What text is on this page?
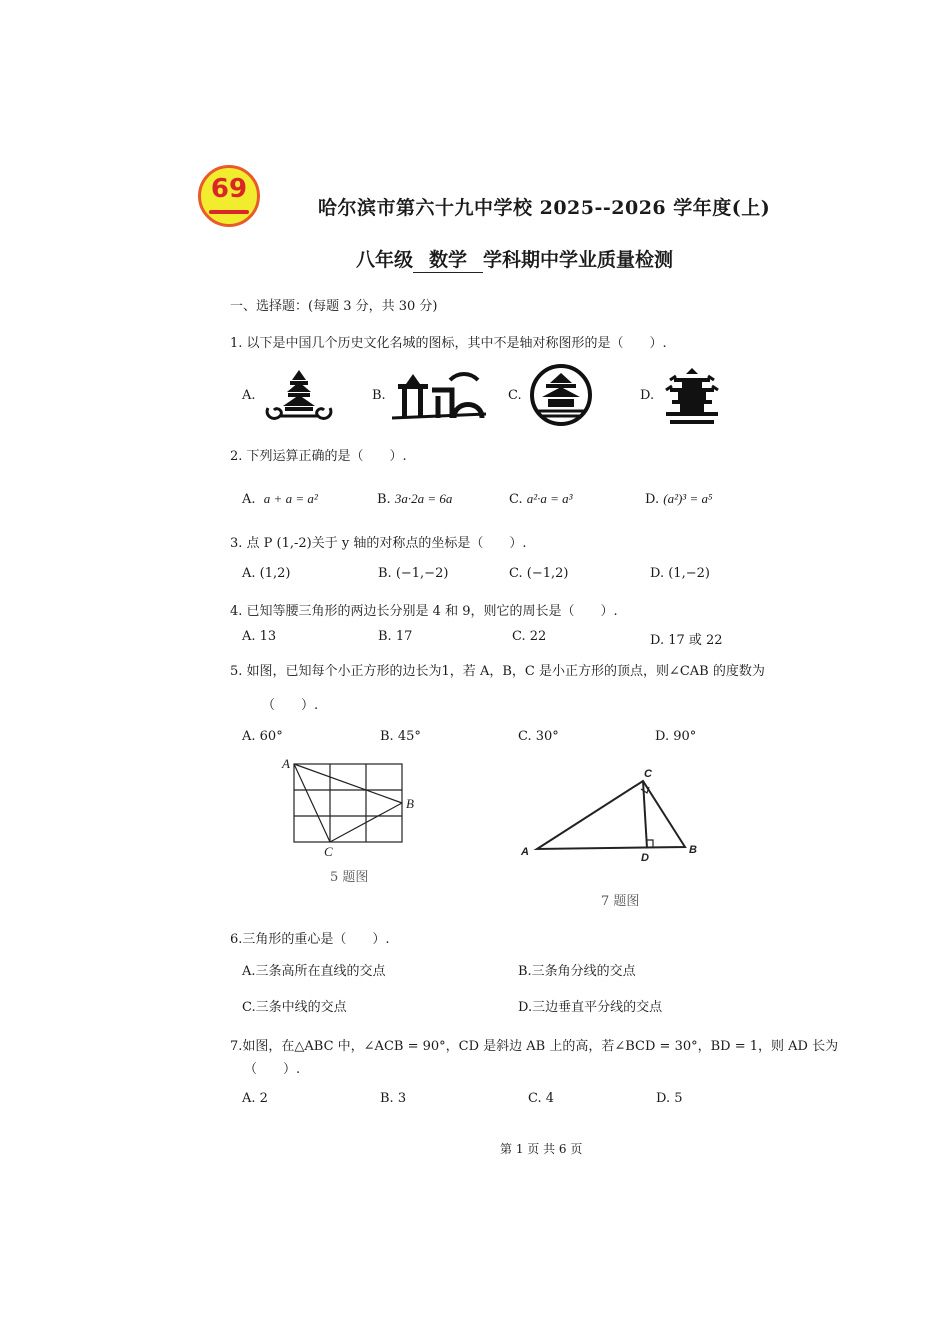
69
哈尔滨市第六十九中学校 2025--2026 学年度(上)
八年级 数学 学科期中学业质量检测
一、选择题：(每题 3 分，共 30 分)
1. 以下是中国几个历史文化名城的图标，其中不是轴对称图形的是（　　）.
A.	B.	C.	D.
2. 下列运算正确的是（　　）.
A. a + a = a²	B. 3a·2a = 6a	C. a²·a = a³	D. (a²)³ = a⁵
3. 点 P (1,-2)关于 y 轴的对称点的坐标是（　　）.
A. (1,2)	B. (−1,−2)	C. (−1,2)	D. (1,−2)
4. 已知等腰三角形的两边长分别是 4 和 9，则它的周长是（　　）.
A. 13	B. 17	C. 22	D. 17 或 22
5. 如图，已知每个小正方形的边长为1，若 A，B，C 是小正方形的顶点，则∠CAB 的度数为
（　　）.
A. 60°	B. 45°	C. 30°	D. 90°
A
B
C
5 题图
C
A	D
B
7 题图
6.三角形的重心是（　　）.
A.三条高所在直线的交点	B.三条角分线的交点
C.三条中线的交点	D.三边垂直平分线的交点
7.如图，在△ABC 中，∠ACB = 90°，CD 是斜边 AB 上的高，若∠BCD = 30°，BD = 1，则 AD 长为
（　　）.
A. 2	B. 3	C. 4	D. 5
第 1 页 共 6 页
